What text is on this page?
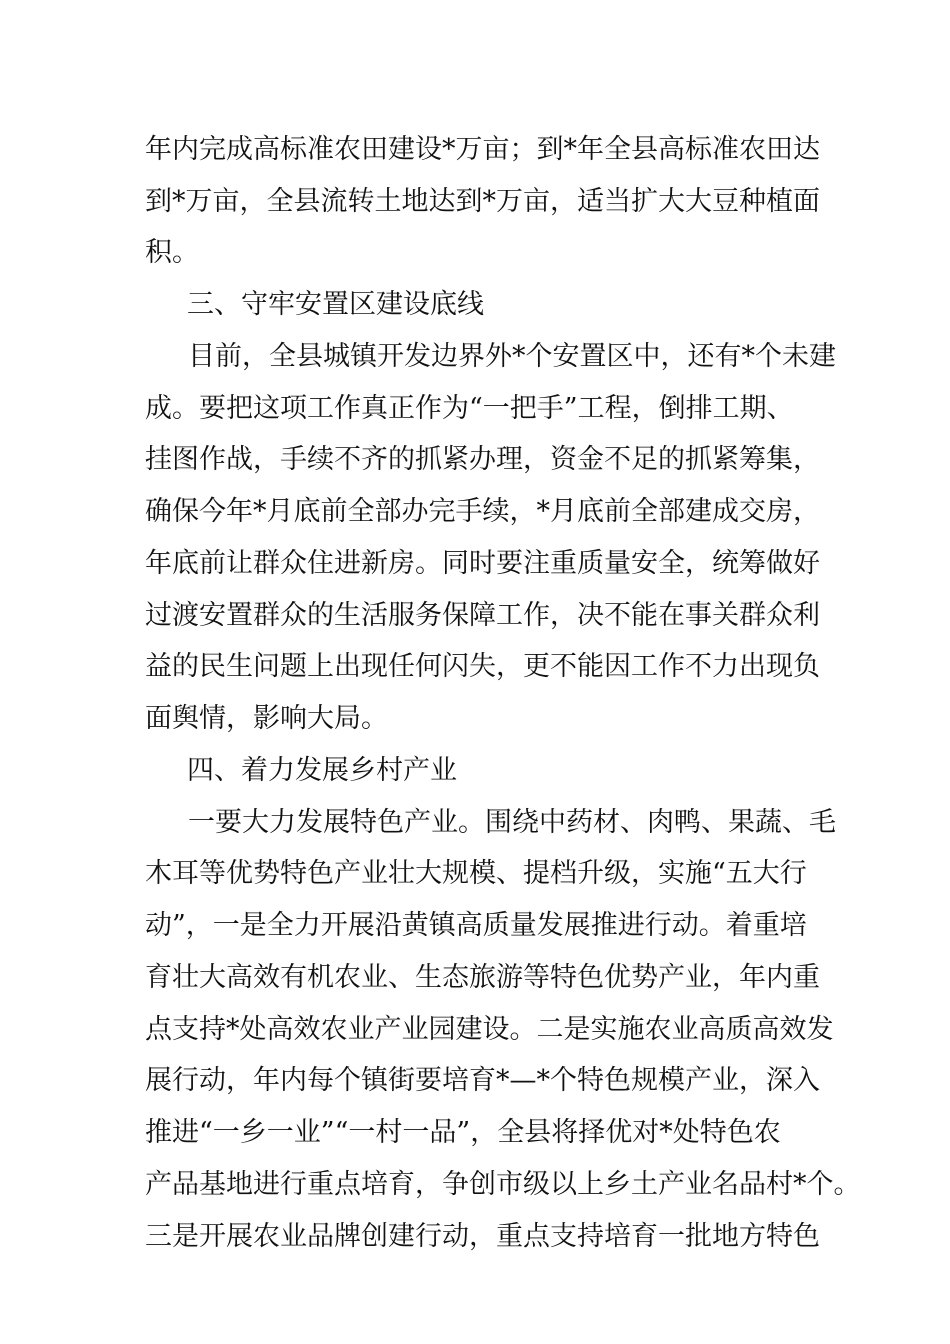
年内完成高标准农田建设*万亩；到*年全县高标准农田达

到*万亩，全县流转土地达到*万亩，适当扩大大豆种植面

积。

三、守牢安置区建设底线

目前，全县城镇开发边界外*个安置区中，还有*个未建

成。要把这项工作真正作为“一把手”工程，倒排工期、

挂图作战，手续不齐的抓紧办理，资金不足的抓紧筹集，

确保今年*月底前全部办完手续，*月底前全部建成交房，

年底前让群众住进新房。同时要注重质量安全，统筹做好

过渡安置群众的生活服务保障工作，决不能在事关群众利

益的民生问题上出现任何闪失，更不能因工作不力出现负

面舆情，影响大局。

四、着力发展乡村产业

一要大力发展特色产业。围绕中药材、肉鸭、果蔬、毛

木耳等优势特色产业壮大规模、提档升级，实施“五大行

动”，一是全力开展沿黄镇高质量发展推进行动。着重培

育壮大高效有机农业、生态旅游等特色优势产业，年内重

点支持*处高效农业产业园建设。二是实施农业高质高效发

展行动，年内每个镇街要培育*—*个特色规模产业，深入

推进“一乡一业”“一村一品”，全县将择优对*处特色农

产品基地进行重点培育，争创市级以上乡土产业名品村*个。

三是开展农业品牌创建行动，重点支持培育一批地方特色
